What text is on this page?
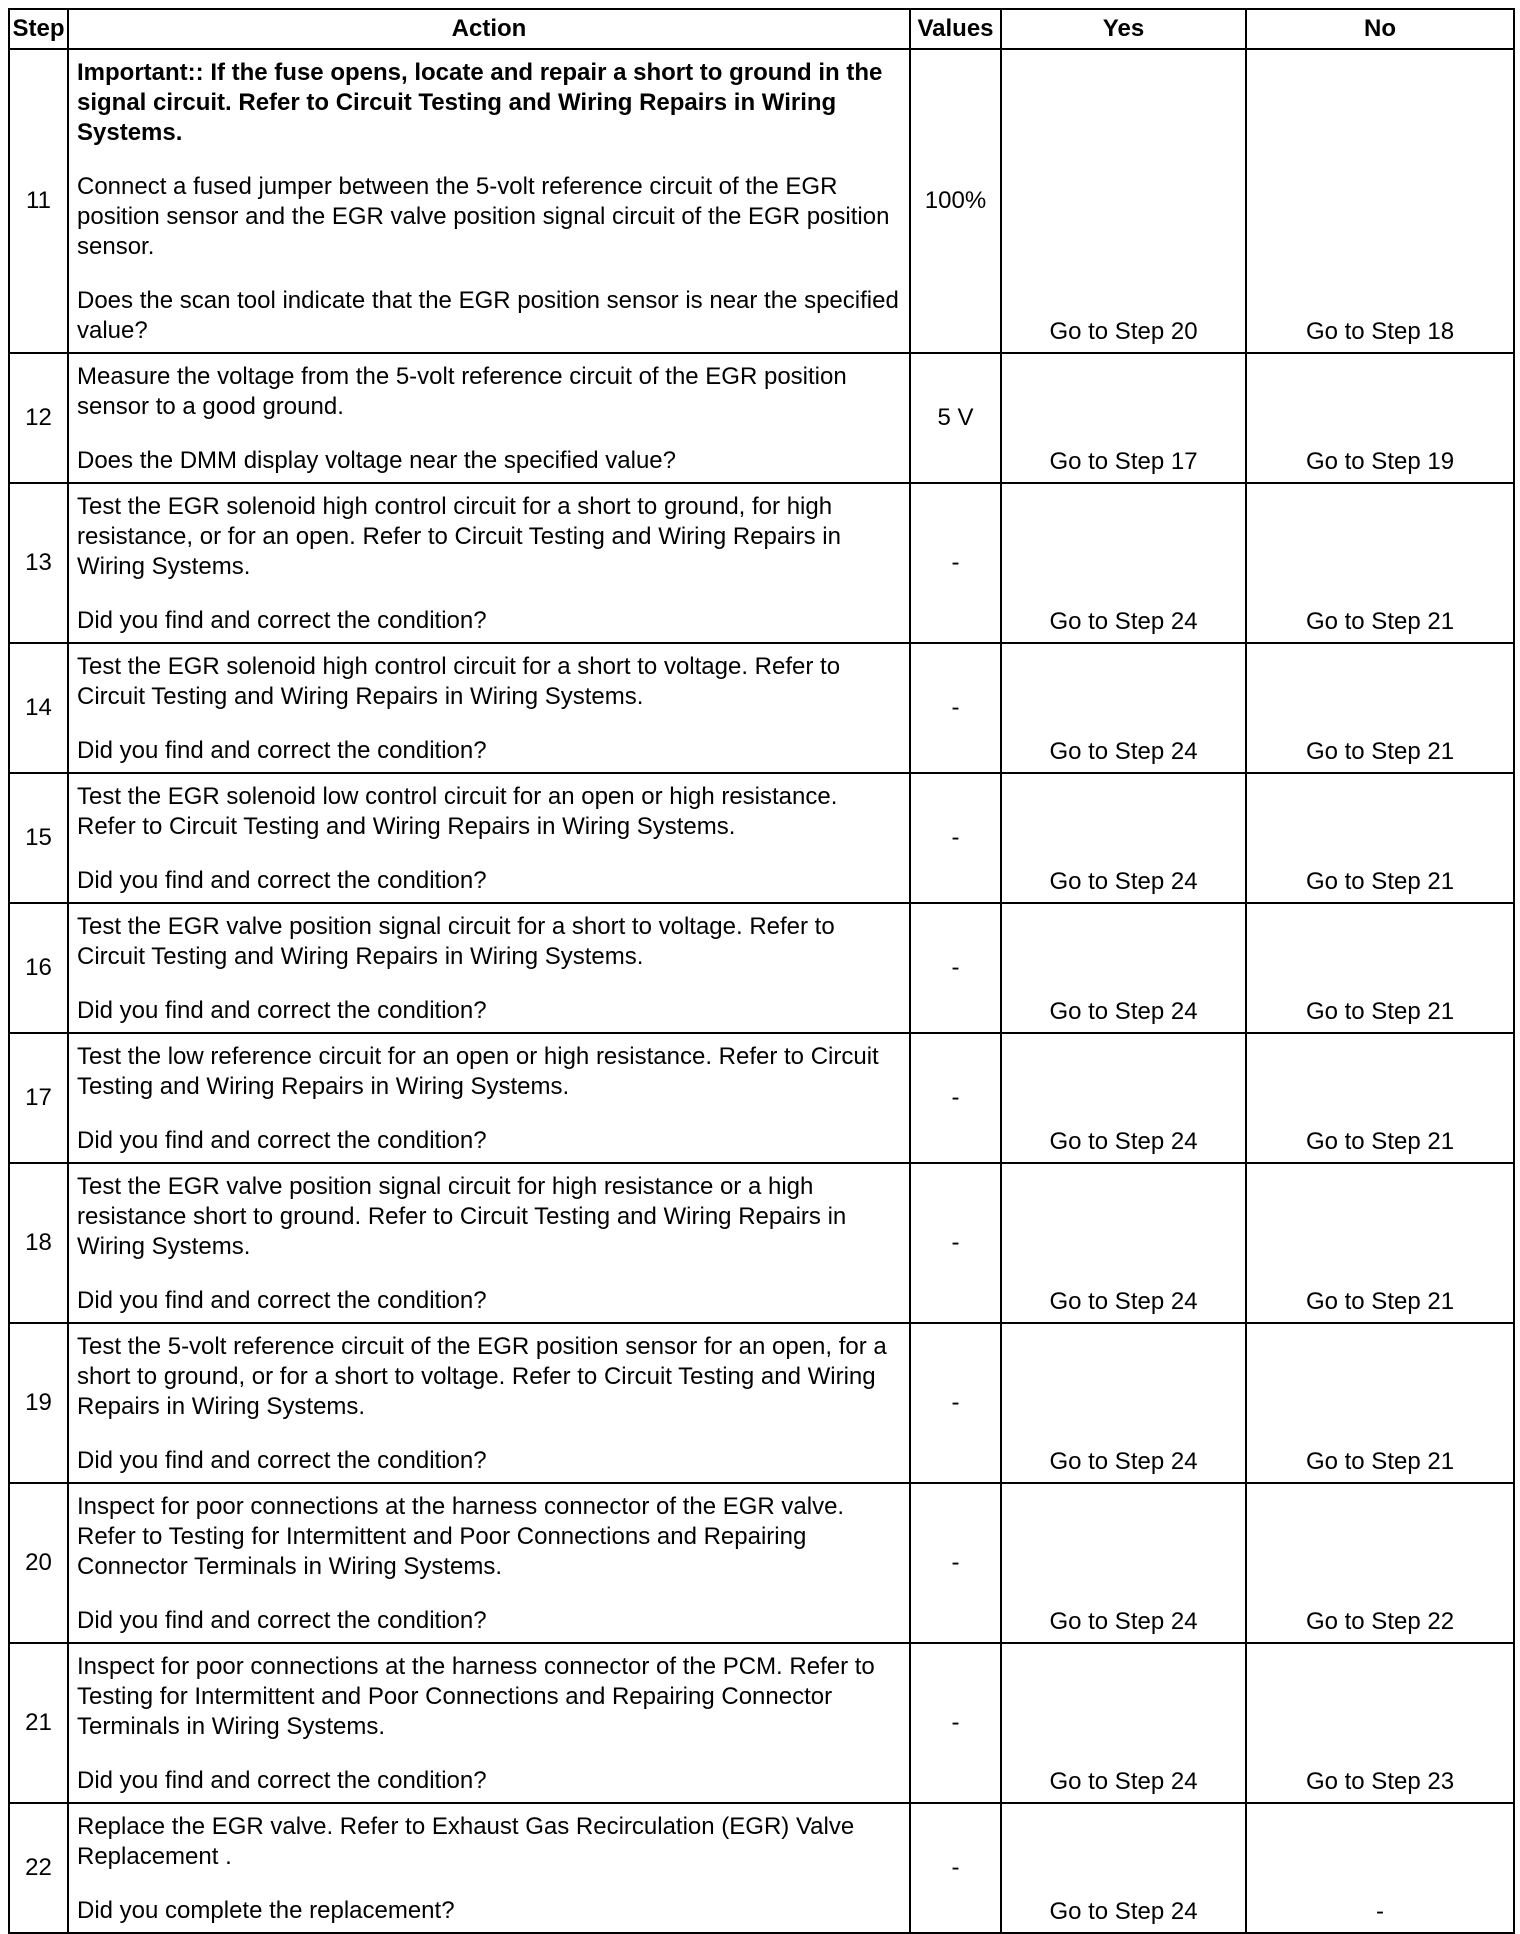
Step	Action	Values	Yes	No
11	Important:: If the fuse opens, locate and repair a short to ground in the signal circuit. Refer to Circuit Testing and Wiring Repairs in Wiring Systems.

Connect a fused jumper between the 5-volt reference circuit of the EGR position sensor and the EGR valve position signal circuit of the EGR position sensor.

Does the scan tool indicate that the EGR position sensor is near the specified value?	100%	Go to Step 20	Go to Step 18
12	Measure the voltage from the 5-volt reference circuit of the EGR position sensor to a good ground.

Does the DMM display voltage near the specified value?	5 V	Go to Step 17	Go to Step 19
13	Test the EGR solenoid high control circuit for a short to ground, for high resistance, or for an open. Refer to Circuit Testing and Wiring Repairs in Wiring Systems.

Did you find and correct the condition?	-	Go to Step 24	Go to Step 21
14	Test the EGR solenoid high control circuit for a short to voltage. Refer to Circuit Testing and Wiring Repairs in Wiring Systems.

Did you find and correct the condition?	-	Go to Step 24	Go to Step 21
15	Test the EGR solenoid low control circuit for an open or high resistance. Refer to Circuit Testing and Wiring Repairs in Wiring Systems.

Did you find and correct the condition?	-	Go to Step 24	Go to Step 21
16	Test the EGR valve position signal circuit for a short to voltage. Refer to Circuit Testing and Wiring Repairs in Wiring Systems.

Did you find and correct the condition?	-	Go to Step 24	Go to Step 21
17	Test the low reference circuit for an open or high resistance. Refer to Circuit Testing and Wiring Repairs in Wiring Systems.

Did you find and correct the condition?	-	Go to Step 24	Go to Step 21
18	Test the EGR valve position signal circuit for high resistance or a high resistance short to ground. Refer to Circuit Testing and Wiring Repairs in Wiring Systems.

Did you find and correct the condition?	-	Go to Step 24	Go to Step 21
19	Test the 5-volt reference circuit of the EGR position sensor for an open, for a short to ground, or for a short to voltage. Refer to Circuit Testing and Wiring Repairs in Wiring Systems.

Did you find and correct the condition?	-	Go to Step 24	Go to Step 21
20	Inspect for poor connections at the harness connector of the EGR valve. Refer to Testing for Intermittent and Poor Connections and Repairing Connector Terminals in Wiring Systems.

Did you find and correct the condition?	-	Go to Step 24	Go to Step 22
21	Inspect for poor connections at the harness connector of the PCM. Refer to Testing for Intermittent and Poor Connections and Repairing Connector Terminals in Wiring Systems.

Did you find and correct the condition?	-	Go to Step 24	Go to Step 23
22	Replace the EGR valve. Refer to Exhaust Gas Recirculation (EGR) Valve Replacement .

Did you complete the replacement?	-	Go to Step 24	-
